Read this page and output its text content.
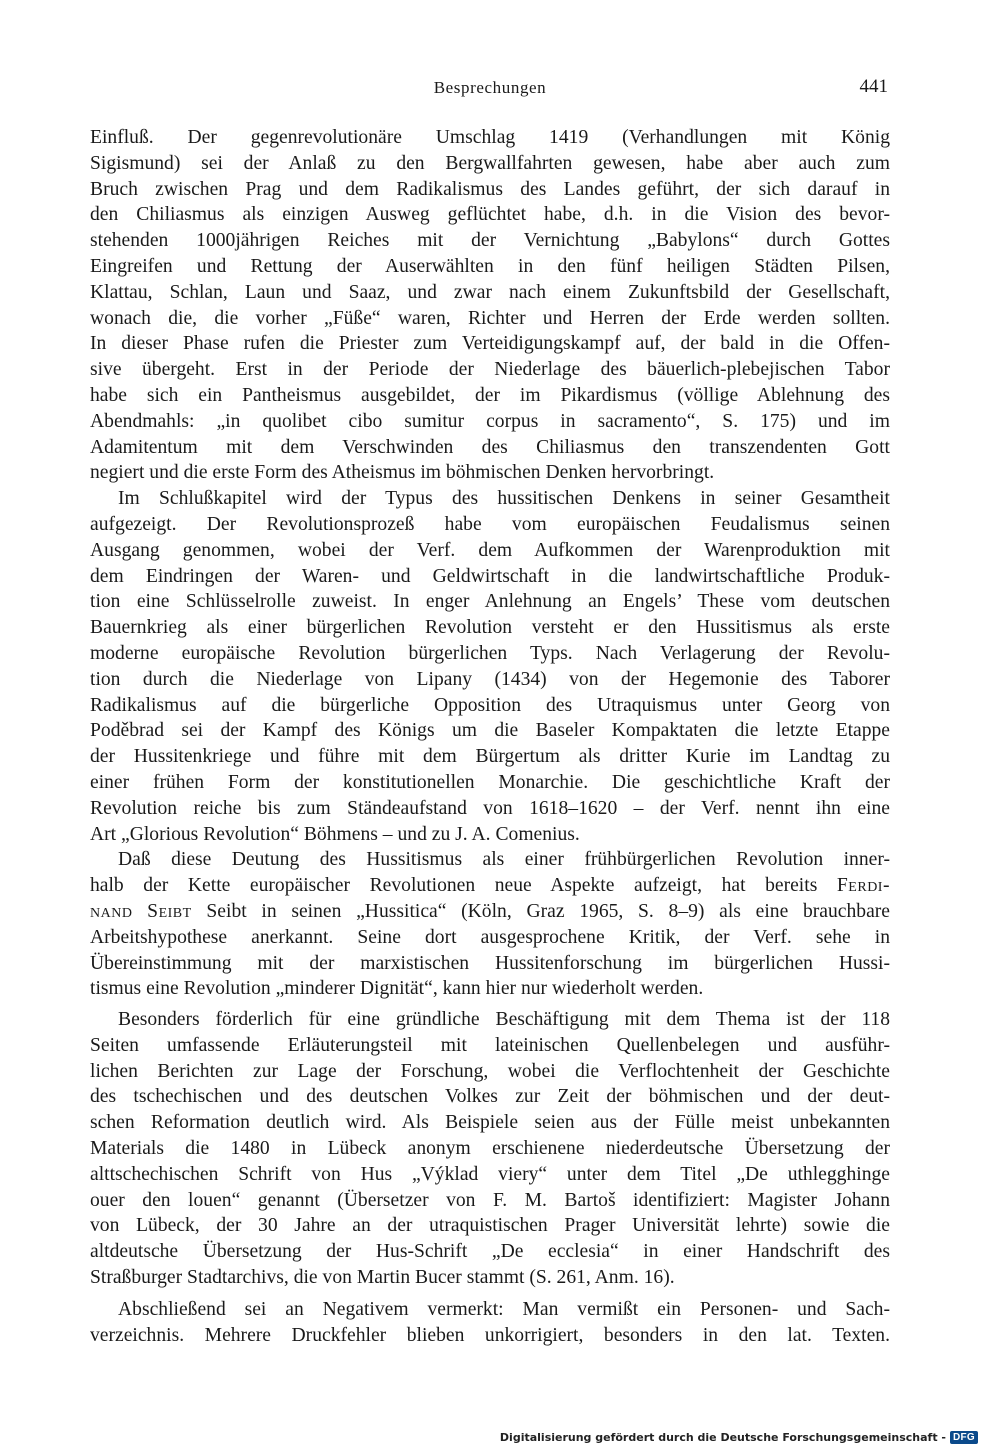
Besprechungen	441
Einfluß. Der gegenrevolutionäre Umschlag 1419 (Verhandlungen mit König
Sigismund) sei der Anlaß zu den Bergwallfahrten gewesen, habe aber auch zum
Bruch zwischen Prag und dem Radikalismus des Landes geführt, der sich darauf in
den Chiliasmus als einzigen Ausweg geflüchtet habe, d.h. in die Vision des bevor-
stehenden 1000jährigen Reiches mit der Vernichtung „Babylons“ durch Gottes
Eingreifen und Rettung der Auserwählten in den fünf heiligen Städten Pilsen,
Klattau, Schlan, Laun und Saaz, und zwar nach einem Zukunftsbild der Gesellschaft,
wonach die, die vorher „Füße“ waren, Richter und Herren der Erde werden sollten.
In dieser Phase rufen die Priester zum Verteidigungskampf auf, der bald in die Offen-
sive übergeht. Erst in der Periode der Niederlage des bäuerlich-plebejischen Tabor
habe sich ein Pantheismus ausgebildet, der im Pikardismus (völlige Ablehnung des
Abendmahls: „in quolibet cibo sumitur corpus in sacramento“, S. 175) und im
Adamitentum mit dem Verschwinden des Chiliasmus den transzendenten Gott
negiert und die erste Form des Atheismus im böhmischen Denken hervorbringt.
Im Schlußkapitel wird der Typus des hussitischen Denkens in seiner Gesamtheit
aufgezeigt. Der Revolutionsprozeß habe vom europäischen Feudalismus seinen
Ausgang genommen, wobei der Verf. dem Aufkommen der Warenproduktion mit
dem Eindringen der Waren- und Geldwirtschaft in die landwirtschaftliche Produk-
tion eine Schlüsselrolle zuweist. In enger Anlehnung an Engels’ These vom deutschen
Bauernkrieg als einer bürgerlichen Revolution versteht er den Hussitismus als erste
moderne europäische Revolution bürgerlichen Typs. Nach Verlagerung der Revolu-
tion durch die Niederlage von Lipany (1434) von der Hegemonie des Taborer
Radikalismus auf die bürgerliche Opposition des Utraquismus unter Georg von
Poděbrad sei der Kampf des Königs um die Baseler Kompaktaten die letzte Etappe
der Hussitenkriege und führe mit dem Bürgertum als dritter Kurie im Landtag zu
einer frühen Form der konstitutionellen Monarchie. Die geschichtliche Kraft der
Revolution reiche bis zum Ständeaufstand von 1618–1620 – der Verf. nennt ihn eine
Art „Glorious Revolution“ Böhmens – und zu J. A. Comenius.
Daß diese Deutung des Hussitismus als einer frühbürgerlichen Revolution inner-
halb der Kette europäischer Revolutionen neue Aspekte aufzeigt, hat bereits Ferdi-
nand Seibt Seibt in seinen „Hussitica“ (Köln, Graz 1965, S. 8–9) als eine brauchbare
Arbeitshypothese anerkannt. Seine dort ausgesprochene Kritik, der Verf. sehe in
Übereinstimmung mit der marxistischen Hussitenforschung im bürgerlichen Hussi-
tismus eine Revolution „minderer Dignität“, kann hier nur wiederholt werden.
Besonders förderlich für eine gründliche Beschäftigung mit dem Thema ist der 118
Seiten umfassende Erläuterungsteil mit lateinischen Quellenbelegen und ausführ-
lichen Berichten zur Lage der Forschung, wobei die Verflochtenheit der Geschichte
des tschechischen und des deutschen Volkes zur Zeit der böhmischen und der deut-
schen Reformation deutlich wird. Als Beispiele seien aus der Fülle meist unbekannten
Materials die 1480 in Lübeck anonym erschienene niederdeutsche Übersetzung der
alttschechischen Schrift von Hus „Výklad viery“ unter dem Titel „De uthlegghinge
ouer den louen“ genannt (Übersetzer von F. M. Bartoš identifiziert: Magister Johann
von Lübeck, der 30 Jahre an der utraquistischen Prager Universität lehrte) sowie die
altdeutsche Übersetzung der Hus-Schrift „De ecclesia“ in einer Handschrift des
Straßburger Stadtarchivs, die von Martin Bucer stammt (S. 261, Anm. 16).
Abschließend sei an Negativem vermerkt: Man vermißt ein Personen- und Sach-
verzeichnis. Mehrere Druckfehler blieben unkorrigiert, besonders in den lat. Texten.
Digitalisierung gefördert durch die Deutsche Forschungsgemeinschaft - DFG
